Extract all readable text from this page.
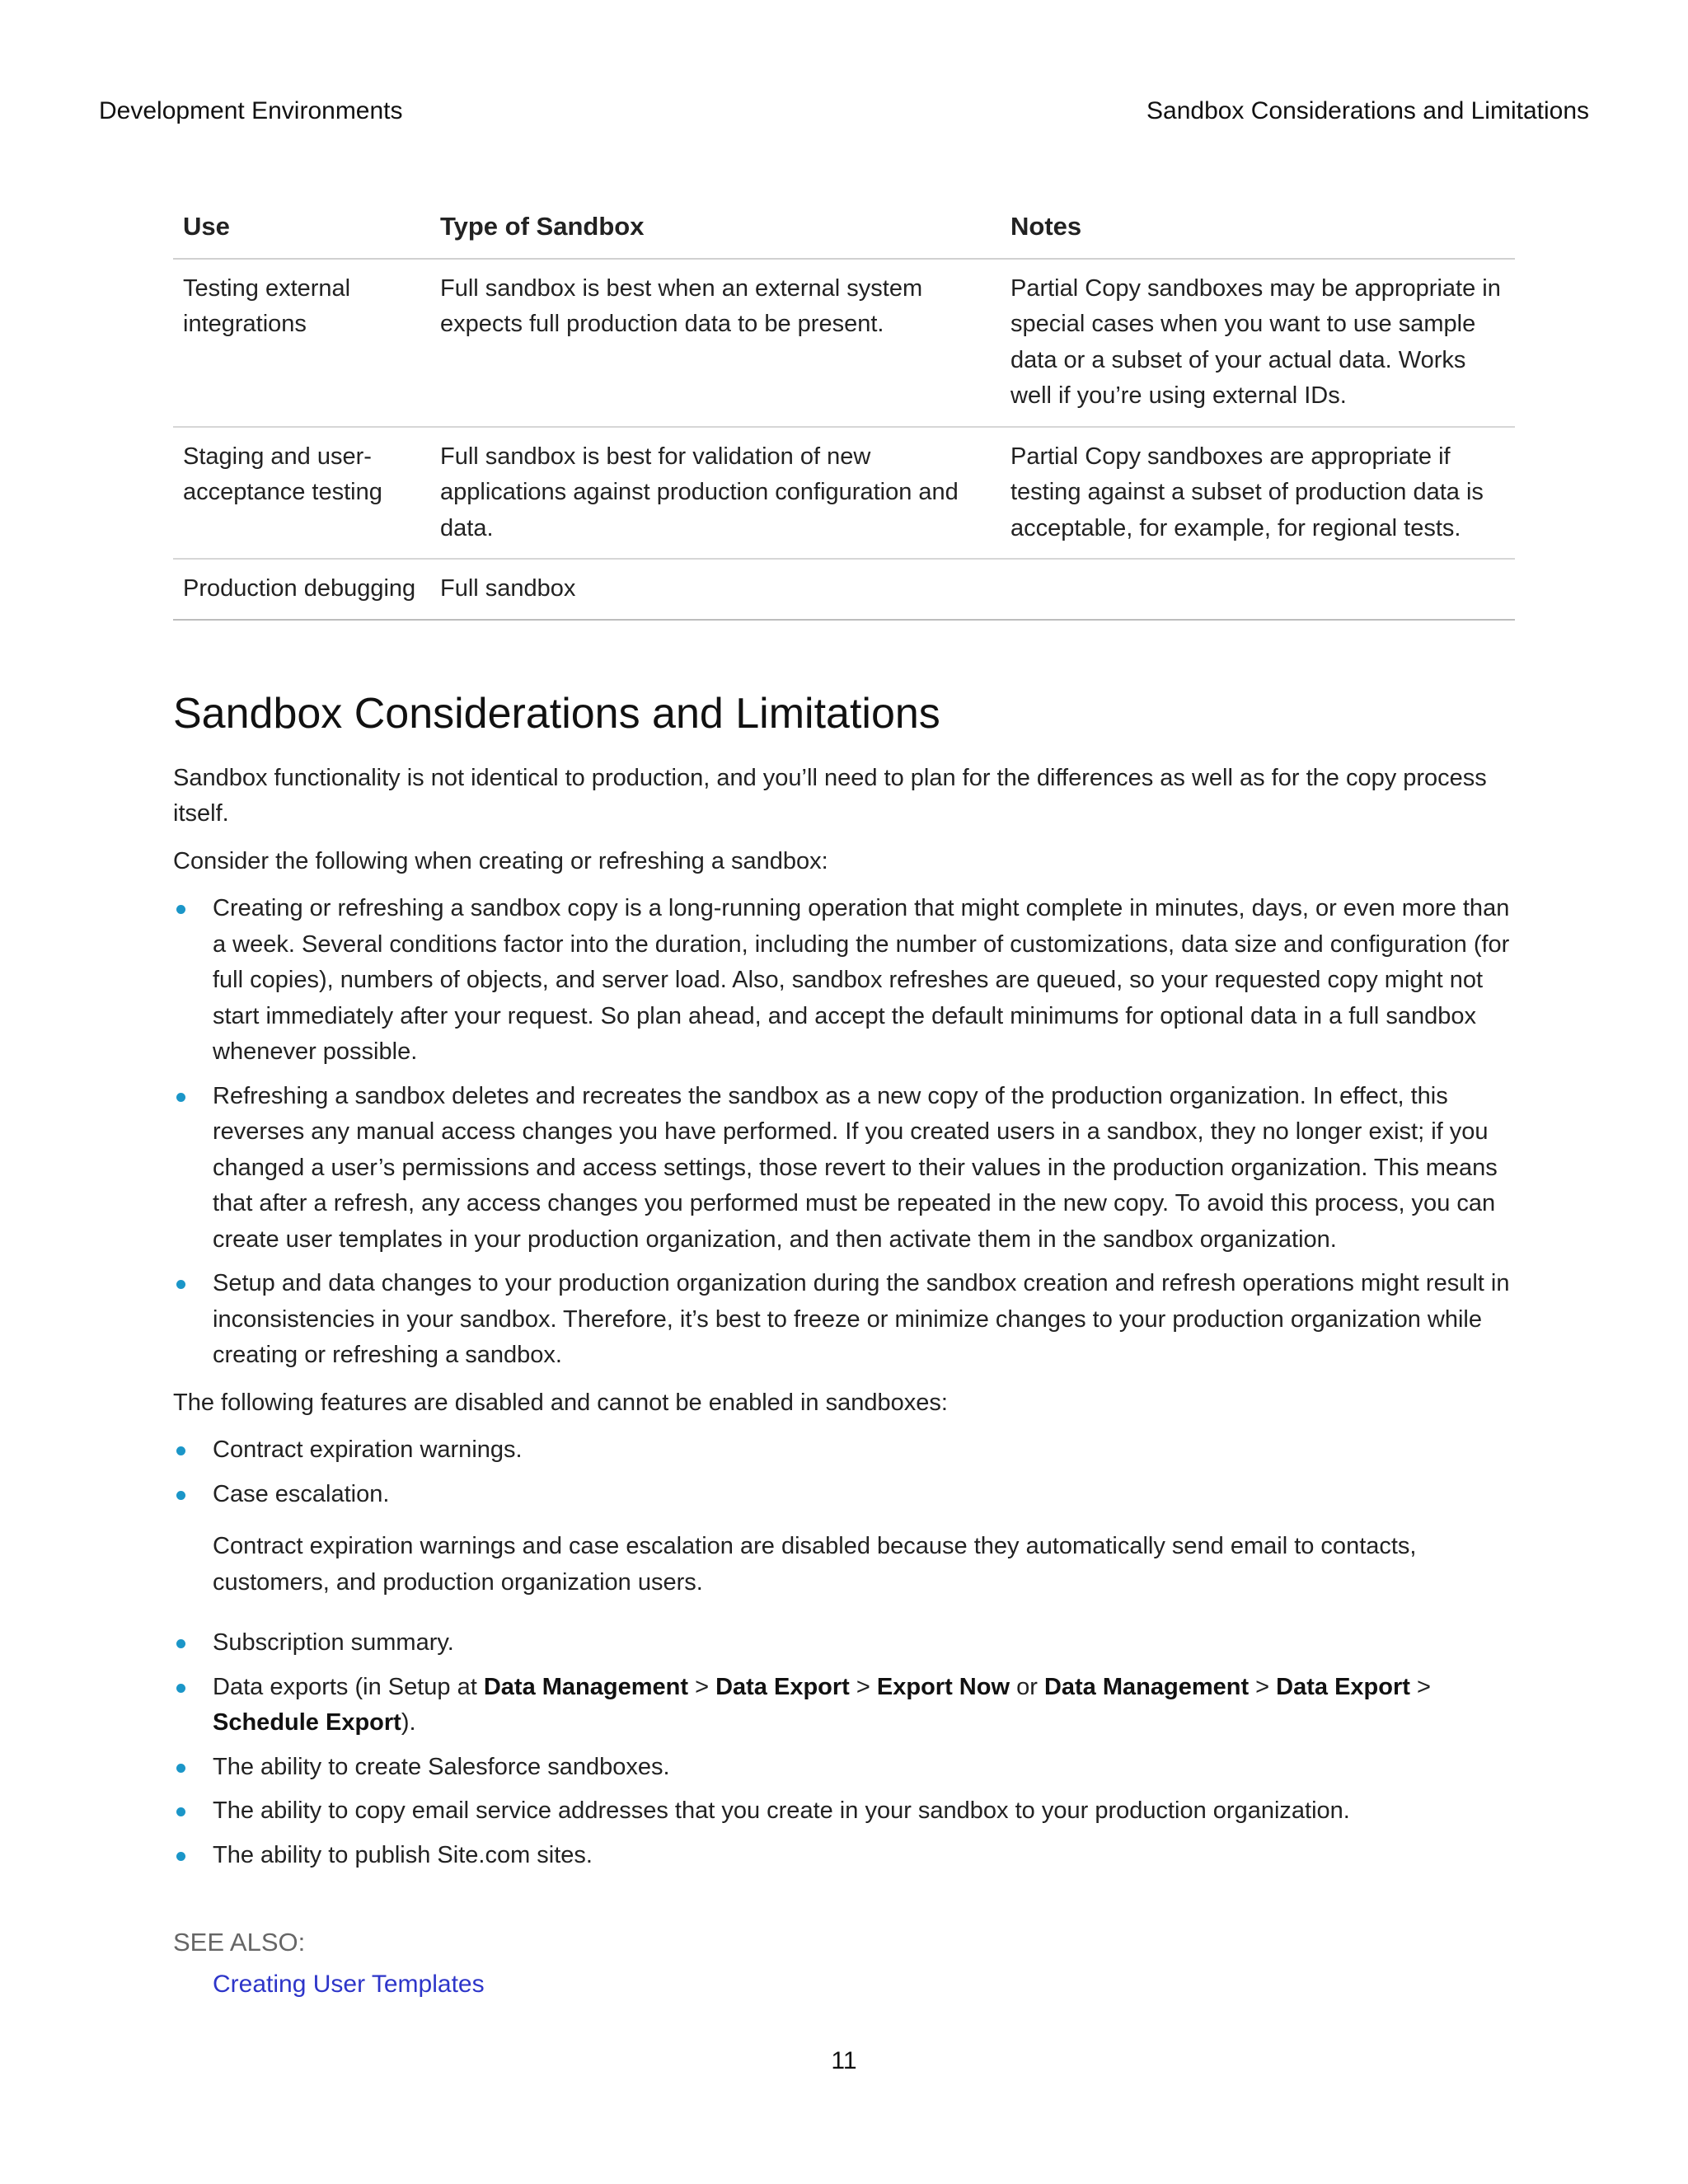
Development Environments	Sandbox Considerations and Limitations
Use	Type of Sandbox	Notes
Testing external integrations	Full sandbox is best when an external system expects full production data to be present.	Partial Copy sandboxes may be appropriate in special cases when you want to use sample data or a subset of your actual data. Works well if you’re using external IDs.
Staging and user-acceptance testing	Full sandbox is best for validation of new applications against production configuration and data.	Partial Copy sandboxes are appropriate if testing against a subset of production data is acceptable, for example, for regional tests.
Production debugging	Full sandbox	
Sandbox Considerations and Limitations

Sandbox functionality is not identical to production, and you’ll need to plan for the differences as well as for the copy process itself.

Consider the following when creating or refreshing a sandbox:

Creating or refreshing a sandbox copy is a long-running operation that might complete in minutes, days, or even more than a week. Several conditions factor into the duration, including the number of customizations, data size and configuration (for full copies), numbers of objects, and server load. Also, sandbox refreshes are queued, so your requested copy might not start immediately after your request. So plan ahead, and accept the default minimums for optional data in a full sandbox whenever possible.
Refreshing a sandbox deletes and recreates the sandbox as a new copy of the production organization. In effect, this reverses any manual access changes you have performed. If you created users in a sandbox, they no longer exist; if you changed a user’s permissions and access settings, those revert to their values in the production organization. This means that after a refresh, any access changes you performed must be repeated in the new copy. To avoid this process, you can create user templates in your production organization, and then activate them in the sandbox organization.
Setup and data changes to your production organization during the sandbox creation and refresh operations might result in inconsistencies in your sandbox. Therefore, it’s best to freeze or minimize changes to your production organization while creating or refreshing a sandbox.

The following features are disabled and cannot be enabled in sandboxes:

Contract expiration warnings.
Case escalation.

Contract expiration warnings and case escalation are disabled because they automatically send email to contacts, customers, and production organization users.

Subscription summary.
Data exports (in Setup at Data Management > Data Export > Export Now or Data Management > Data Export > Schedule Export).
The ability to create Salesforce sandboxes.
The ability to copy email service addresses that you create in your sandbox to your production organization.
The ability to publish Site.com sites.
SEE ALSO:
Creating User Templates
11
